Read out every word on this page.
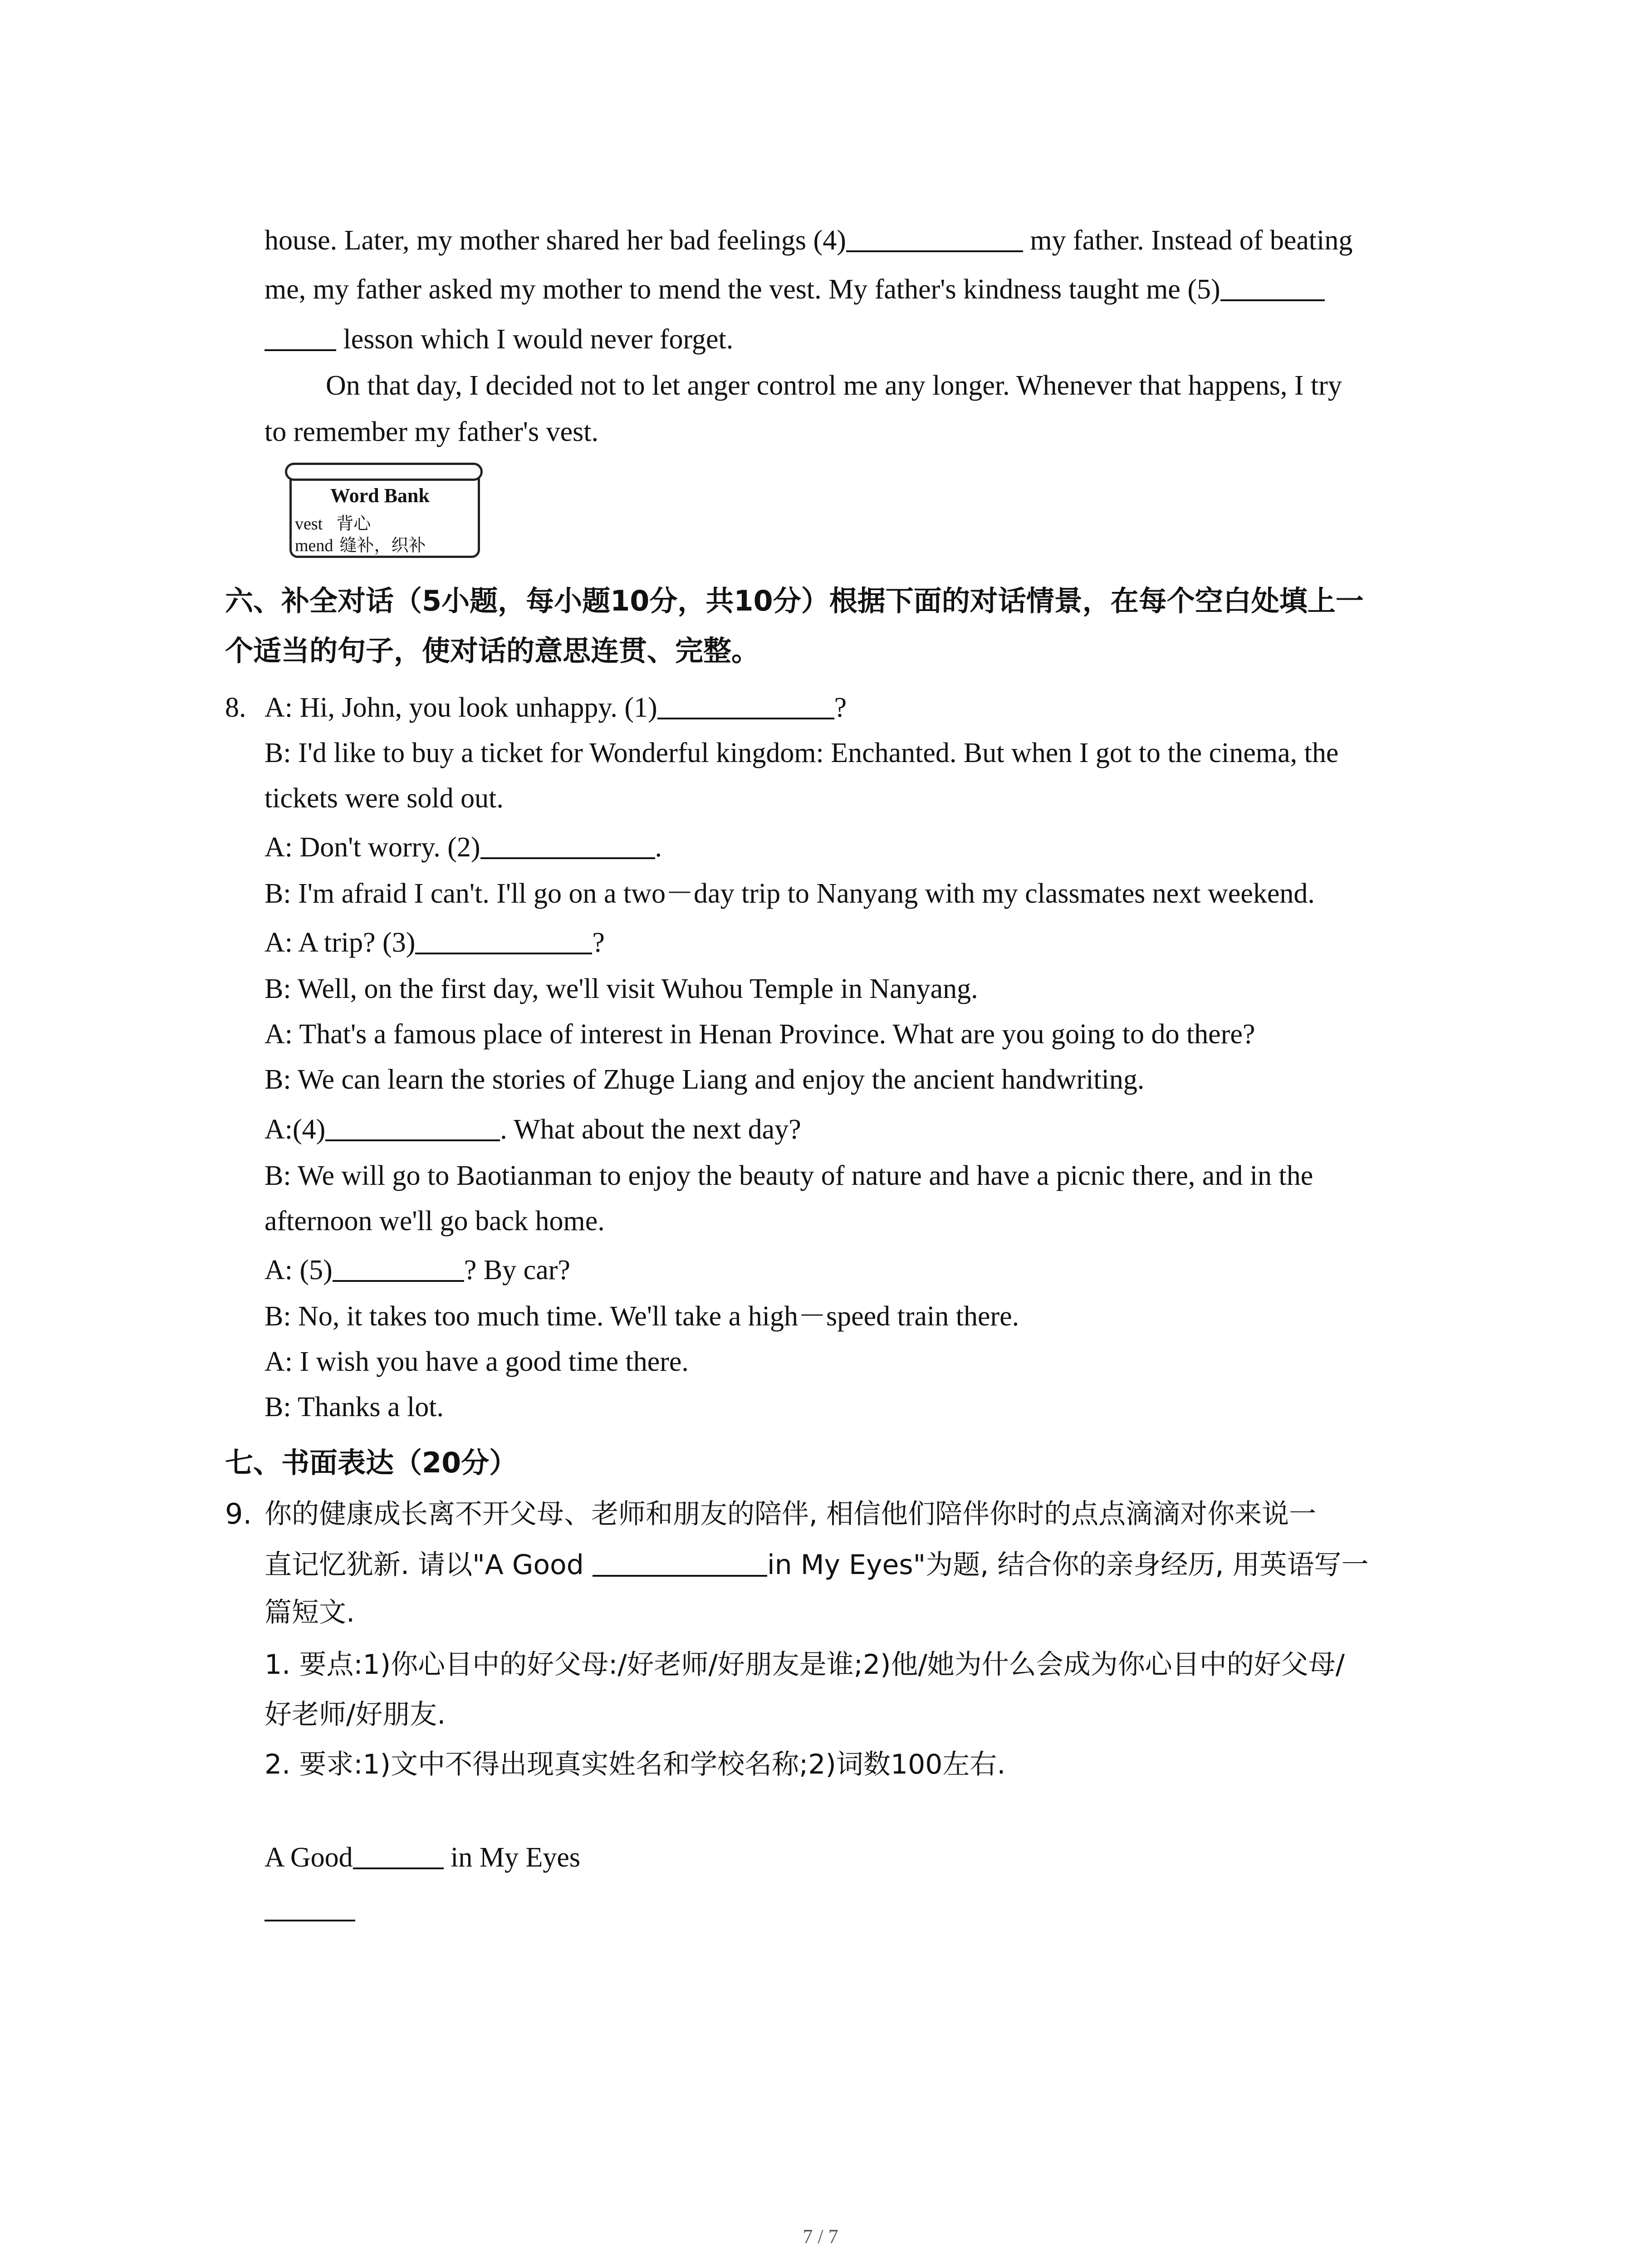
house. Later, my mother shared her bad feelings (4)	my father. Instead of beating
me, my father asked my mother to mend the vest. My father's kindness taught me (5)
lesson which I would never forget.
On that day, I decided not to let anger control me any longer. Whenever that happens, I try
to remember my father's vest.
Word Bank
vest 背心
mend 缝补，织补
六、补全对话（5小题，每小题10分，共10分）根据下面的对话情景，在每个空白处填上一
个适当的句子，使对话的意思连贯、完整。
8. A: Hi, John, you look unhappy. (1)	?
B: I'd like to buy a ticket for Wonderful kingdom: Enchanted. But when I got to the cinema, the
tickets were sold out.
A: Don't worry. (2)	.
B: I'm afraid I can't. I'll go on a two－day trip to Nanyang with my classmates next weekend.
A: A trip? (3)	?
B: Well, on the first day, we'll visit Wuhou Temple in Nanyang.
A: That's a famous place of interest in Henan Province. What are you going to do there?
B: We can learn the stories of Zhuge Liang and enjoy the ancient handwriting.
A:(4)	. What about the next day?
B: We will go to Baotianman to enjoy the beauty of nature and have a picnic there, and in the
afternoon we'll go back home.
A: (5)	? By car?
B: No, it takes too much time. We'll take a high－speed train there.
A: I wish you have a good time there.
B: Thanks a lot.
七、书面表达（20分）
9. 你的健康成长离不开父母、老师和朋友的陪伴, 相信他们陪伴你时的点点滴滴对你来说一
直记忆犹新. 请以"A Good	in My Eyes"为题, 结合你的亲身经历, 用英语写一
篇短文.
1. 要点:1)你心目中的好父母:/好老师/好朋友是谁;2)他/她为什么会成为你心目中的好父母/
好老师/好朋友.
2. 要求:1)文中不得出现真实姓名和学校名称;2)词数100左右.
A Good	in My Eyes
7 / 7
